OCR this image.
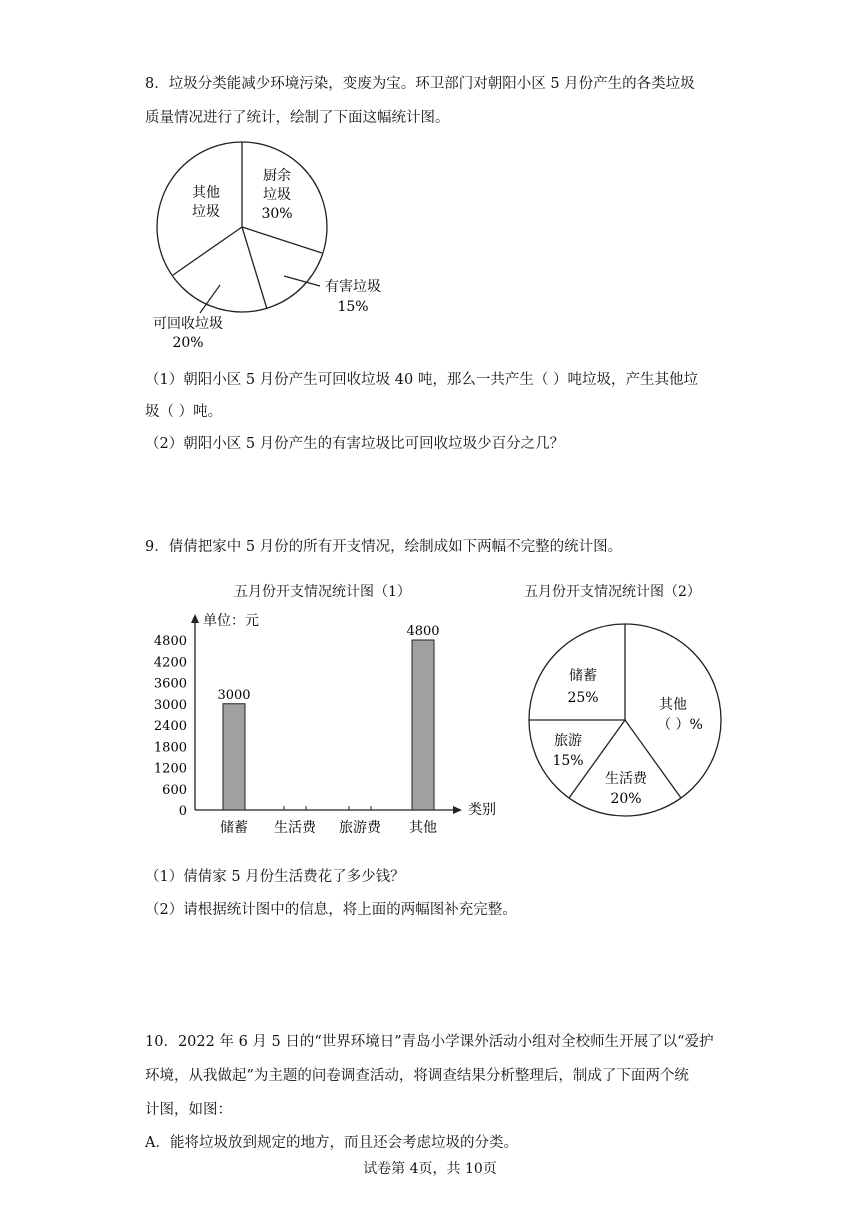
8．垃圾分类能减少环境污染，变废为宝。环卫部门对朝阳小区 5 月份产生的各类垃圾
质量情况进行了统计，绘制了下面这幅统计图。
其他
垃圾
厨余
垃圾
30%
有害垃圾
15%
可回收垃圾
20%
（1）朝阳小区 5 月份产生可回收垃圾 40 吨，那么一共产生（ ）吨垃圾，产生其他垃
圾（ ）吨。
（2）朝阳小区 5 月份产生的有害垃圾比可回收垃圾少百分之几？
9．倩倩把家中 5 月份的所有开支情况，绘制成如下两幅不完整的统计图。
五月份开支情况统计图（1）	五月份开支情况统计图（2）
单位：元
类别
0
600
1200
1800
2400
3000
3600
4200
4800
3000
4800
储蓄 生活费 旅游费 其他
储蓄
25%	其他
（ ）%
旅游
15%
生活费
20%
（1）倩倩家 5 月份生活费花了多少钱？
（2）请根据统计图中的信息，将上面的两幅图补充完整。
10．2022 年 6 月 5 日的“世界环境日”青岛小学课外活动小组对全校师生开展了以“爱护
环境，从我做起”为主题的问卷调查活动，将调查结果分析整理后，制成了下面两个统
计图，如图：
A．能将垃圾放到规定的地方，而且还会考虑垃圾的分类。
试卷第 4页，共 10页
